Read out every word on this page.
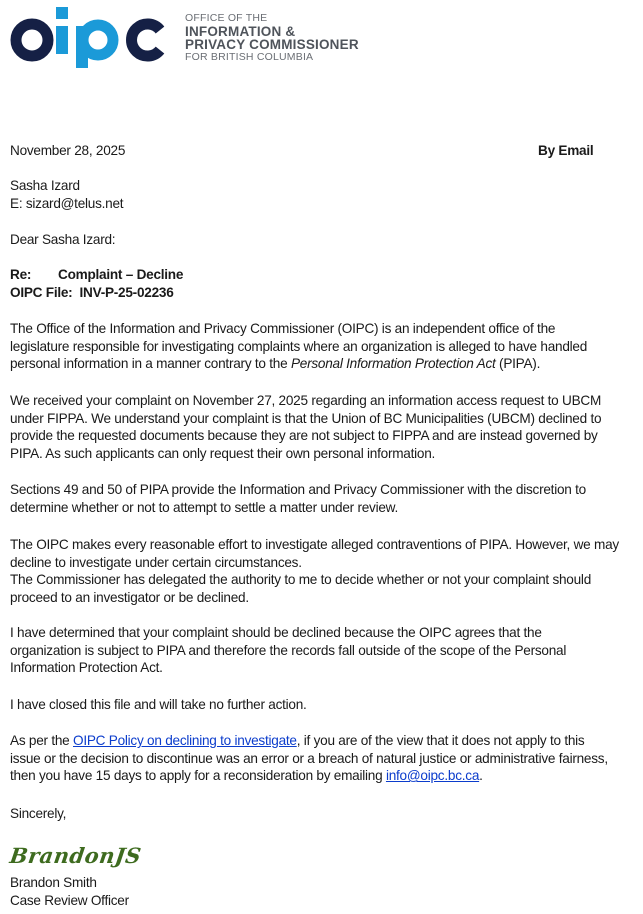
OFFICE OF THE
INFORMATION &
PRIVACY COMMISSIONER
FOR BRITISH COLUMBIA
November 28, 2025	By Email
Sasha Izard
E: sizard@telus.net
Dear Sasha Izard:
Re: Complaint – Decline
OIPC File: INV-P-25-02236
The Office of the Information and Privacy Commissioner (OIPC) is an independent office of the
legislature responsible for investigating complaints where an organization is alleged to have handled
personal information in a manner contrary to the Personal Information Protection Act (PIPA).
We received your complaint on November 27, 2025 regarding an information access request to UBCM
under FIPPA. We understand your complaint is that the Union of BC Municipalities (UBCM) declined to
provide the requested documents because they are not subject to FIPPA and are instead governed by
PIPA. As such applicants can only request their own personal information.
Sections 49 and 50 of PIPA provide the Information and Privacy Commissioner with the discretion to
determine whether or not to attempt to settle a matter under review.
The OIPC makes every reasonable effort to investigate alleged contraventions of PIPA. However, we may
decline to investigate under certain circumstances.
The Commissioner has delegated the authority to me to decide whether or not your complaint should
proceed to an investigator or be declined.
I have determined that your complaint should be declined because the OIPC agrees that the
organization is subject to PIPA and therefore the records fall outside of the scope of the Personal
Information Protection Act.
I have closed this file and will take no further action.
As per the OIPC Policy on declining to investigate, if you are of the view that it does not apply to this
issue or the decision to discontinue was an error or a breach of natural justice or administrative fairness,
then you have 15 days to apply for a reconsideration by emailing info@oipc.bc.ca.
Sincerely,
BrandonJS
Brandon Smith
Case Review Officer
